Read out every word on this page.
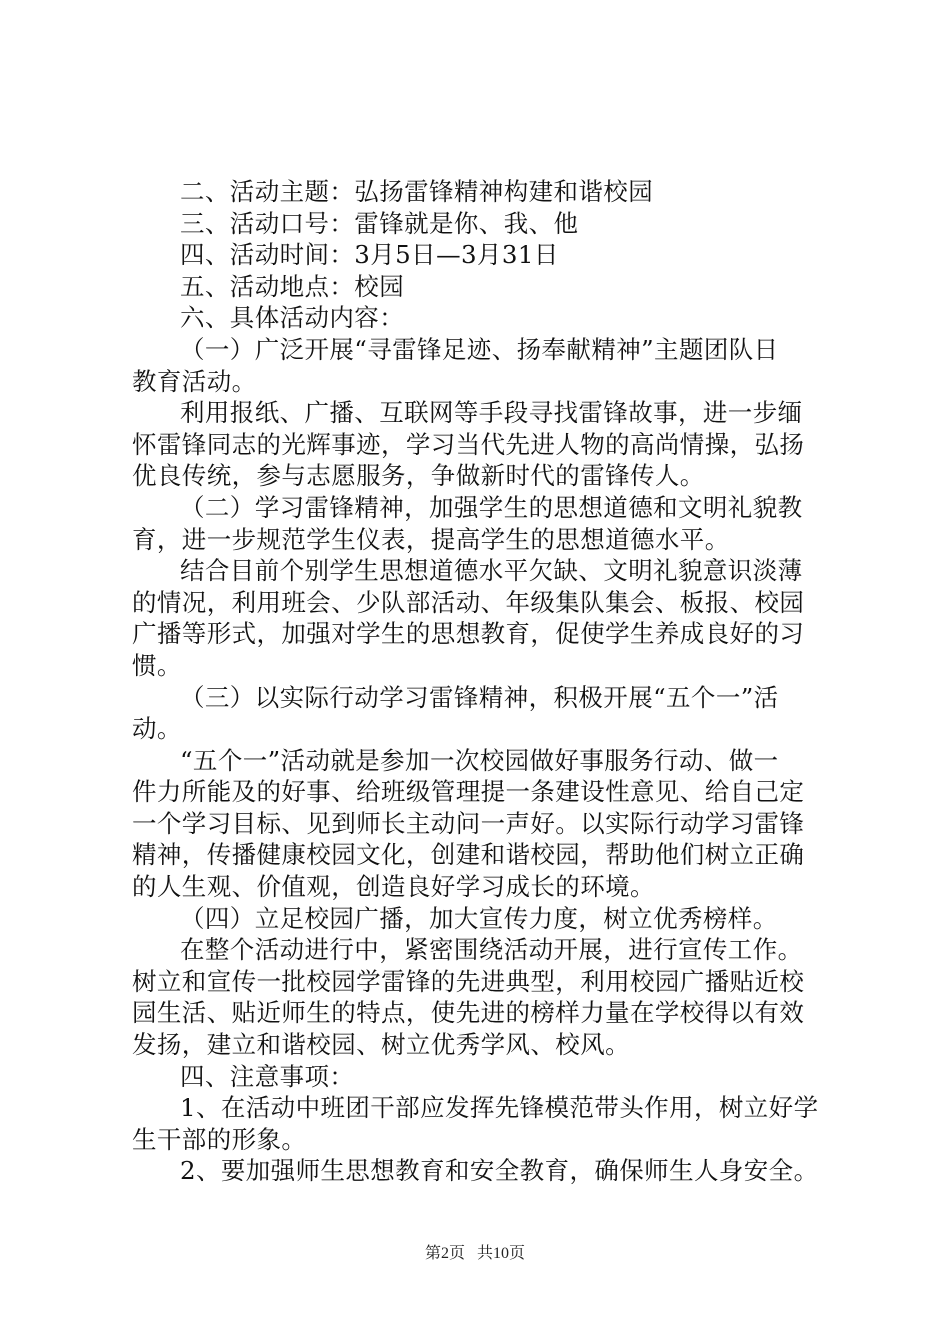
二、活动主题：弘扬雷锋精神构建和谐校园
三、活动口号：雷锋就是你、我、他
四、活动时间：3月5日—3月31日
五、活动地点：校园
六、具体活动内容：
（一）广泛开展“寻雷锋足迹、扬奉献精神”主题团队日
教育活动。
利用报纸、广播、互联网等手段寻找雷锋故事，进一步缅
怀雷锋同志的光辉事迹，学习当代先进人物的高尚情操，弘扬
优良传统，参与志愿服务，争做新时代的雷锋传人。
（二）学习雷锋精神，加强学生的思想道德和文明礼貌教
育，进一步规范学生仪表，提高学生的思想道德水平。
结合目前个别学生思想道德水平欠缺、文明礼貌意识淡薄
的情况，利用班会、少队部活动、年级集队集会、板报、校园
广播等形式，加强对学生的思想教育，促使学生养成良好的习
惯。
（三）以实际行动学习雷锋精神，积极开展“五个一”活
动。
“五个一”活动就是参加一次校园做好事服务行动、做一
件力所能及的好事、给班级管理提一条建设性意见、给自己定
一个学习目标、见到师长主动问一声好。以实际行动学习雷锋
精神，传播健康校园文化，创建和谐校园，帮助他们树立正确
的人生观、价值观，创造良好学习成长的环境。
（四）立足校园广播，加大宣传力度，树立优秀榜样。
在整个活动进行中，紧密围绕活动开展，进行宣传工作。
树立和宣传一批校园学雷锋的先进典型，利用校园广播贴近校
园生活、贴近师生的特点，使先进的榜样力量在学校得以有效
发扬，建立和谐校园、树立优秀学风、校风。
四、注意事项：
1、在活动中班团干部应发挥先锋模范带头作用，树立好学
生干部的形象。
2、要加强师生思想教育和安全教育，确保师生人身安全。
第2页 共10页
